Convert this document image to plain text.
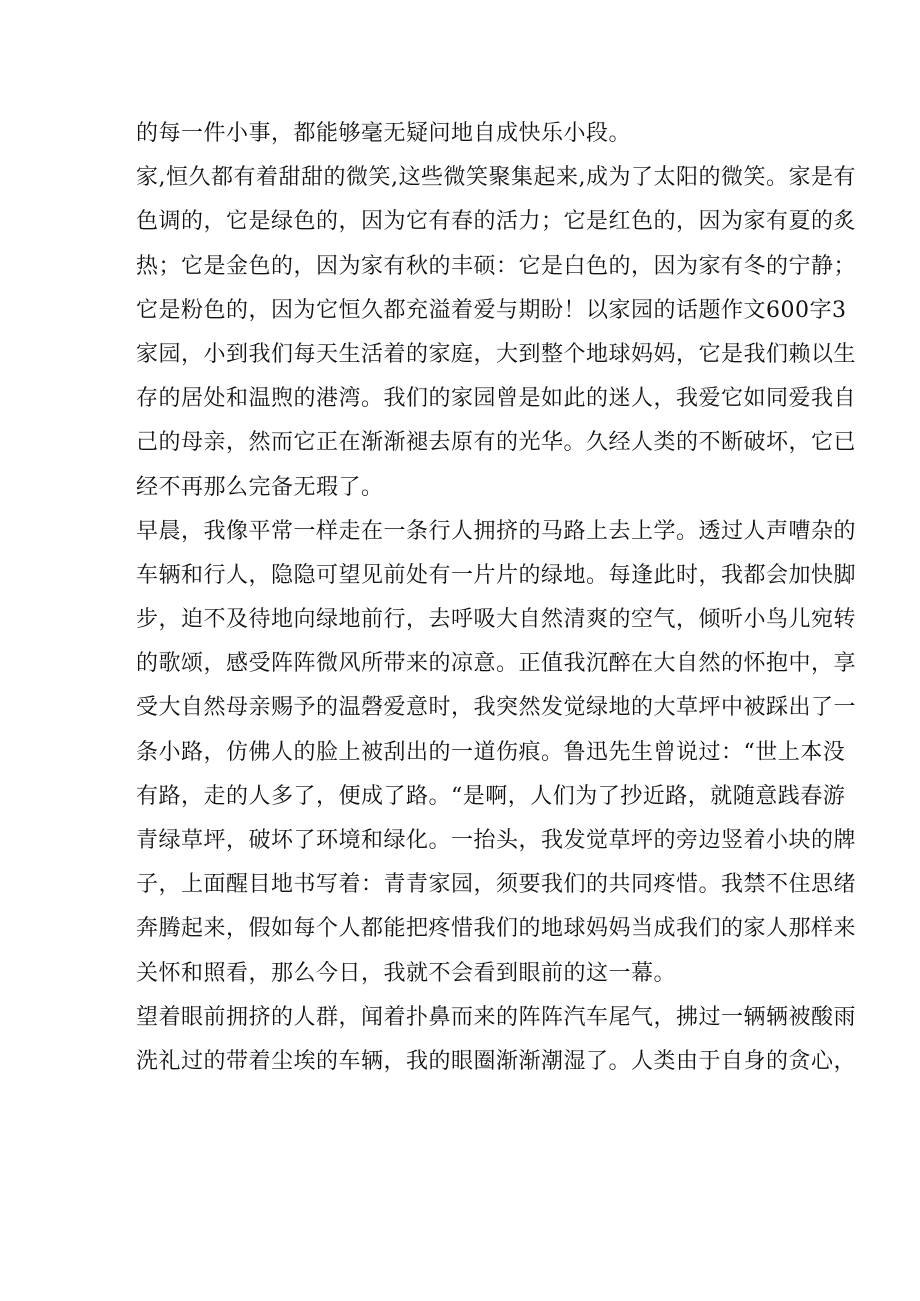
的每一件小事，都能够毫无疑问地自成快乐小段。
家,恒久都有着甜甜的微笑,这些微笑聚集起来,成为了太阳的微笑。家是有
色调的，它是绿色的，因为它有春的活力；它是红色的，因为家有夏的炙
热；它是金色的，因为家有秋的丰硕：它是白色的，因为家有冬的宁静；
它是粉色的，因为它恒久都充溢着爱与期盼！以家园的话题作文600字3
家园，小到我们每天生活着的家庭，大到整个地球妈妈，它是我们赖以生
存的居处和温煦的港湾。我们的家园曾是如此的迷人，我爱它如同爱我自
己的母亲，然而它正在渐渐褪去原有的光华。久经人类的不断破坏，它已
经不再那么完备无瑕了。
早晨，我像平常一样走在一条行人拥挤的马路上去上学。透过人声嘈杂的
车辆和行人，隐隐可望见前处有一片片的绿地。每逢此时，我都会加快脚
步，迫不及待地向绿地前行，去呼吸大自然清爽的空气，倾听小鸟儿宛转
的歌颂，感受阵阵微风所带来的凉意。正值我沉醉在大自然的怀抱中，享
受大自然母亲赐予的温磬爱意时，我突然发觉绿地的大草坪中被踩出了一
条小路，仿佛人的脸上被刮出的一道伤痕。鲁迅先生曾说过：“世上本没
有路，走的人多了，便成了路。“是啊，人们为了抄近路，就随意践春游
青绿草坪，破坏了环境和绿化。一抬头，我发觉草坪的旁边竖着小块的牌
子，上面醒目地书写着：青青家园，须要我们的共同疼惜。我禁不住思绪
奔腾起来，假如每个人都能把疼惜我们的地球妈妈当成我们的家人那样来
关怀和照看，那么今日，我就不会看到眼前的这一幕。
望着眼前拥挤的人群，闻着扑鼻而来的阵阵汽车尾气，拂过一辆辆被酸雨
洗礼过的带着尘埃的车辆，我的眼圈渐渐潮湿了。人类由于自身的贪心，
